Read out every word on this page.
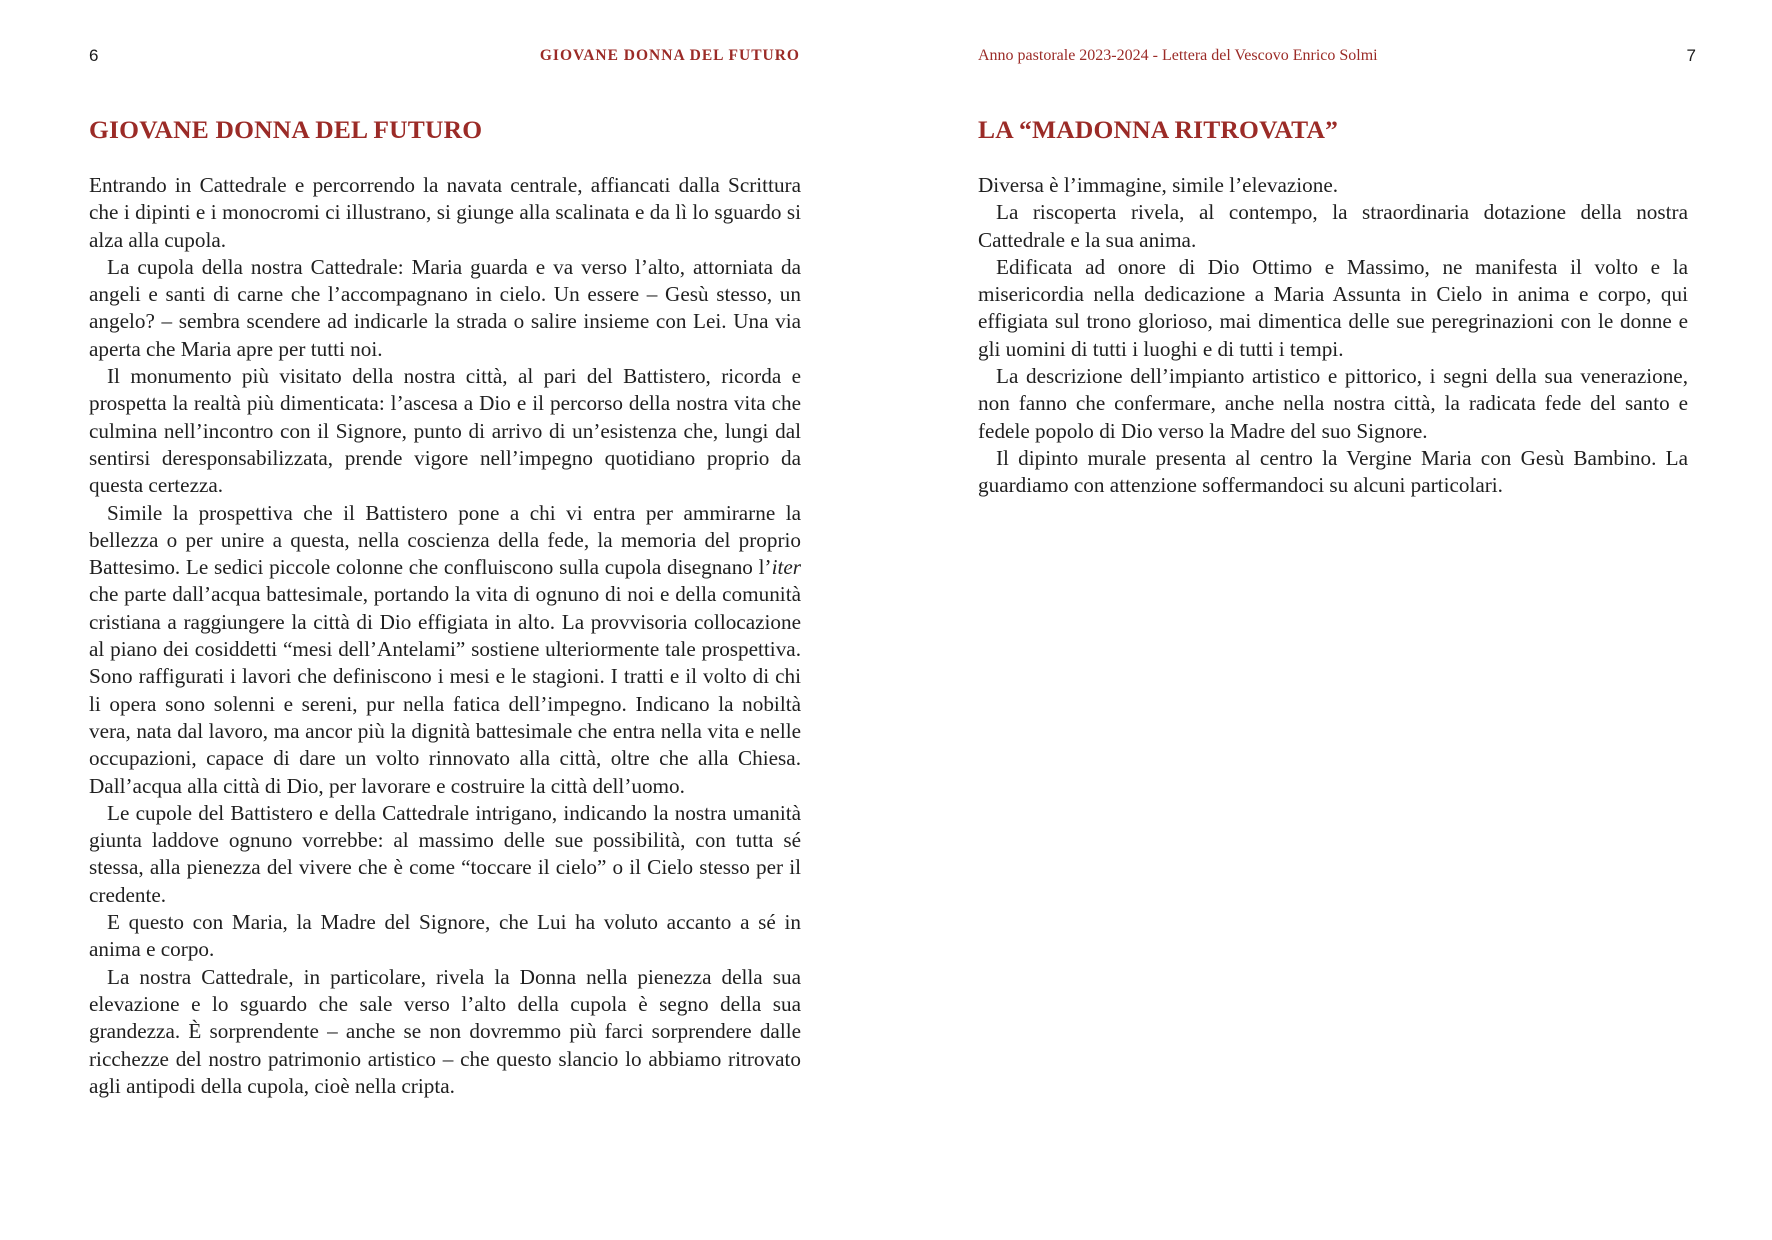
6	GIOVANE DONNA DEL FUTURO
GIOVANE DONNA DEL FUTURO

Entrando in Cattedrale e percorrendo la navata centrale, affiancati dalla Scrittura che i dipinti e i monocromi ci illustrano, si giunge alla scalinata e da lì lo sguardo si alza alla cupola.

La cupola della nostra Cattedrale: Maria guarda e va verso l’alto, attorniata da angeli e santi di carne che l’accompagnano in cielo. Un essere – Gesù stesso, un angelo? – sembra scendere ad indicarle la strada o salire insieme con Lei. Una via aperta che Maria apre per tutti noi.

Il monumento più visitato della nostra città, al pari del Battistero, ricorda e prospetta la realtà più dimenticata: l’ascesa a Dio e il percorso della nostra vita che culmina nell’incontro con il Signore, punto di arrivo di un’esistenza che, lungi dal sentirsi deresponsabilizzata, prende vigore nell’impegno quotidiano proprio da questa certezza.

Simile la prospettiva che il Battistero pone a chi vi entra per ammirarne la bellezza o per unire a questa, nella coscienza della fede, la memoria del proprio Battesimo. Le sedici piccole colonne che confluiscono sulla cupola disegnano l’iter che parte dall’acqua battesimale, portando la vita di ognuno di noi e della comunità cristiana a raggiungere la città di Dio effigiata in alto. La provvisoria collocazione al piano dei cosiddetti “mesi dell’Antelami” sostiene ulteriormente tale prospettiva. Sono raffigurati i lavori che definiscono i mesi e le stagioni. I tratti e il volto di chi li opera sono solenni e sereni, pur nella fatica dell’impegno. Indicano la nobiltà vera, nata dal lavoro, ma ancor più la dignità battesimale che entra nella vita e nelle occupazioni, capace di dare un volto rinnovato alla città, oltre che alla Chiesa. Dall’acqua alla città di Dio, per lavorare e costruire la città dell’uomo.

Le cupole del Battistero e della Cattedrale intrigano, indicando la nostra umanità giunta laddove ognuno vorrebbe: al massimo delle sue possibilità, con tutta sé stessa, alla pienezza del vivere che è come “toccare il cielo” o il Cielo stesso per il credente.

E questo con Maria, la Madre del Signore, che Lui ha voluto accanto a sé in anima e corpo.

La nostra Cattedrale, in particolare, rivela la Donna nella pienezza della sua elevazione e lo sguardo che sale verso l’alto della cupola è segno della sua grandezza. È sorprendente – anche se non dovremmo più farci sorprendere dalle ricchezze del nostro patrimonio artistico – che questo slancio lo abbiamo ritrovato agli antipodi della cupola, cioè nella cripta.

Anno pastorale 2023-2024 - Lettera del Vescovo Enrico Solmi	7
LA “MADONNA RITROVATA”

Diversa è l’immagine, simile l’elevazione.

La riscoperta rivela, al contempo, la straordinaria dotazione della nostra Cattedrale e la sua anima.

Edificata ad onore di Dio Ottimo e Massimo, ne manifesta il volto e la misericordia nella dedicazione a Maria Assunta in Cielo in anima e corpo, qui effigiata sul trono glorioso, mai dimentica delle sue peregrinazioni con le donne e gli uomini di tutti i luoghi e di tutti i tempi.

La descrizione dell’impianto artistico e pittorico, i segni della sua venerazione, non fanno che confermare, anche nella nostra città, la radicata fede del santo e fedele popolo di Dio verso la Madre del suo Signore.

Il dipinto murale presenta al centro la Vergine Maria con Gesù Bambino. La guardiamo con attenzione soffermandoci su alcuni particolari.
